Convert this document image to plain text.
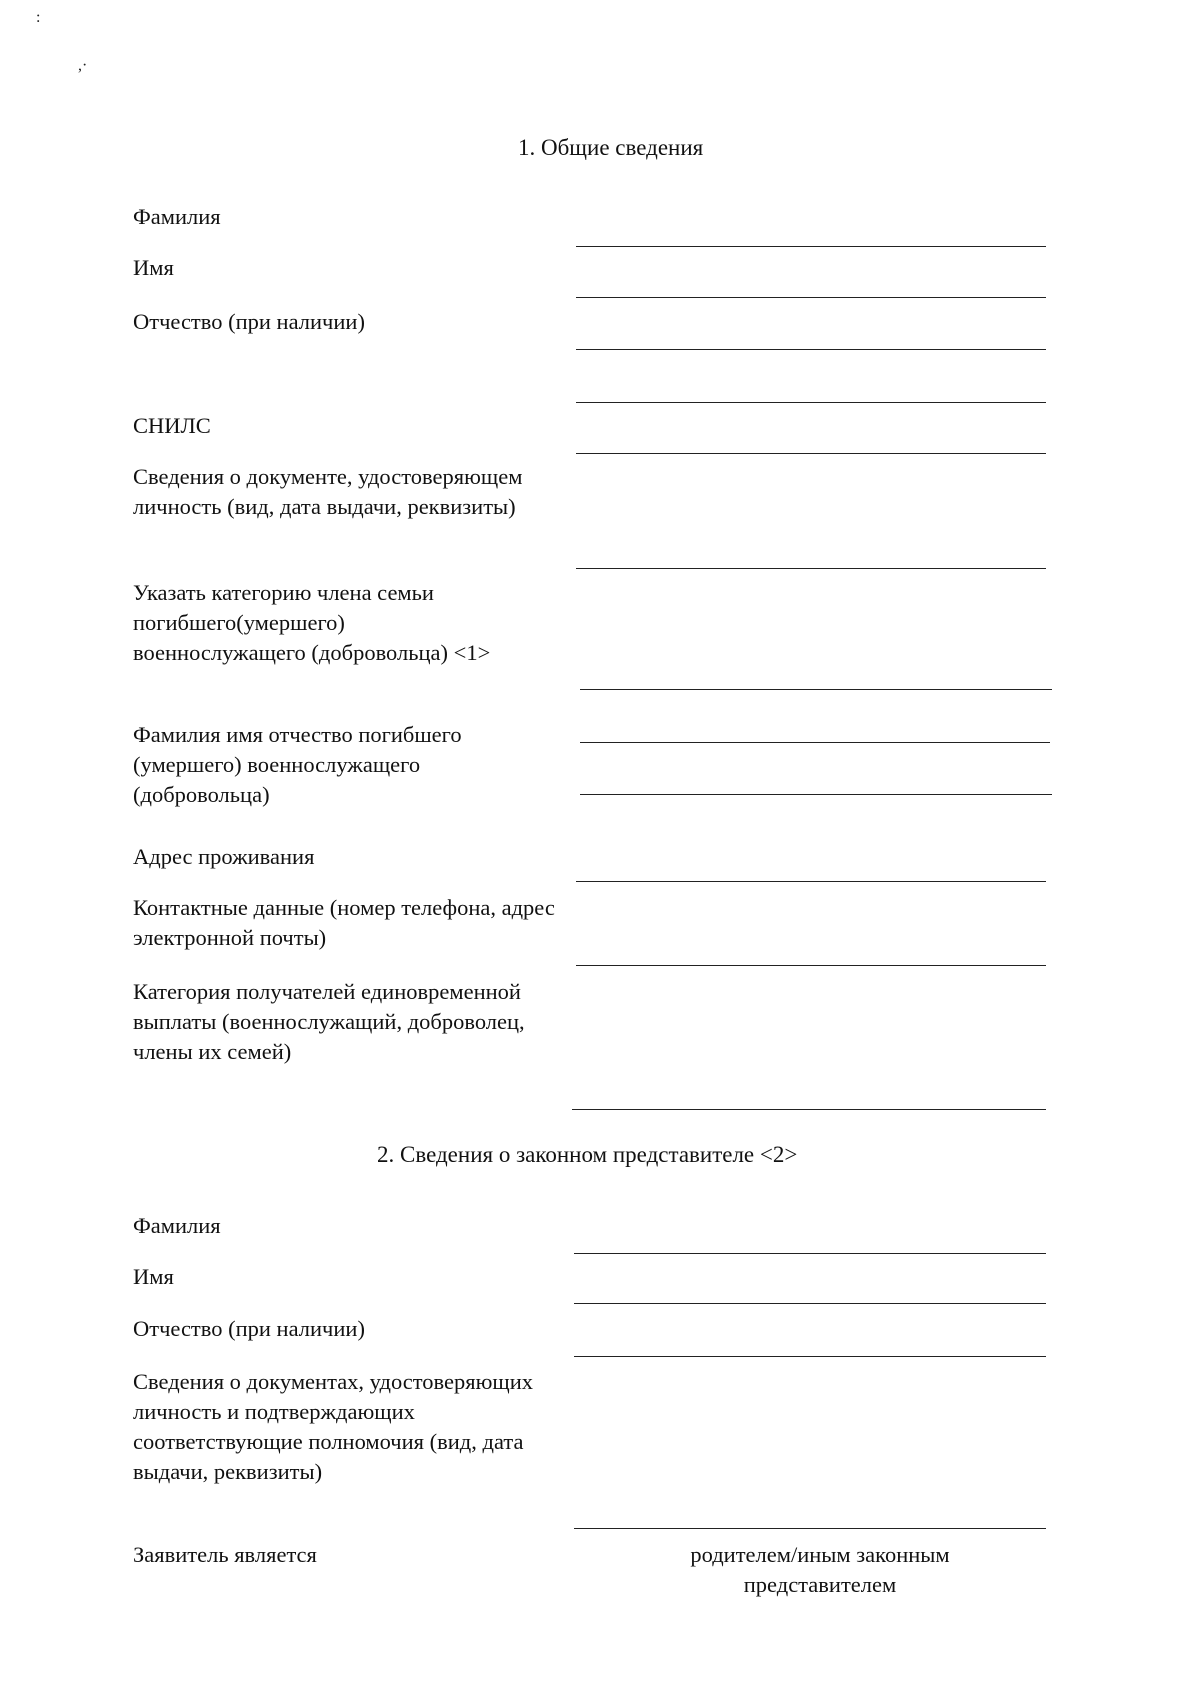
:
,·
1. Общие сведения
Фамилия
Имя
Отчество (при наличии)
СНИЛС
Сведения о документе, удостоверяющем личность (вид, дата выдачи, реквизиты)
Указать категорию члена семьи погибшего(умершего)
военнослужащего (добровольца) <1>
Фамилия имя отчество погибшего (умершего) военнослужащего (добровольца)
Адрес проживания
Контактные данные (номер телефона, адрес электронной почты)
Категория получателей единовременной выплаты (военнослужащий, доброволец, члены их семей)
2. Сведения о законном представителе <2>
Фамилия
Имя
Отчество (при наличии)
Сведения о документах, удостоверяющих личность и подтверждающих соответствующие полномочия (вид, дата выдачи, реквизиты)
Заявитель является	родителем/иным законным представителем
